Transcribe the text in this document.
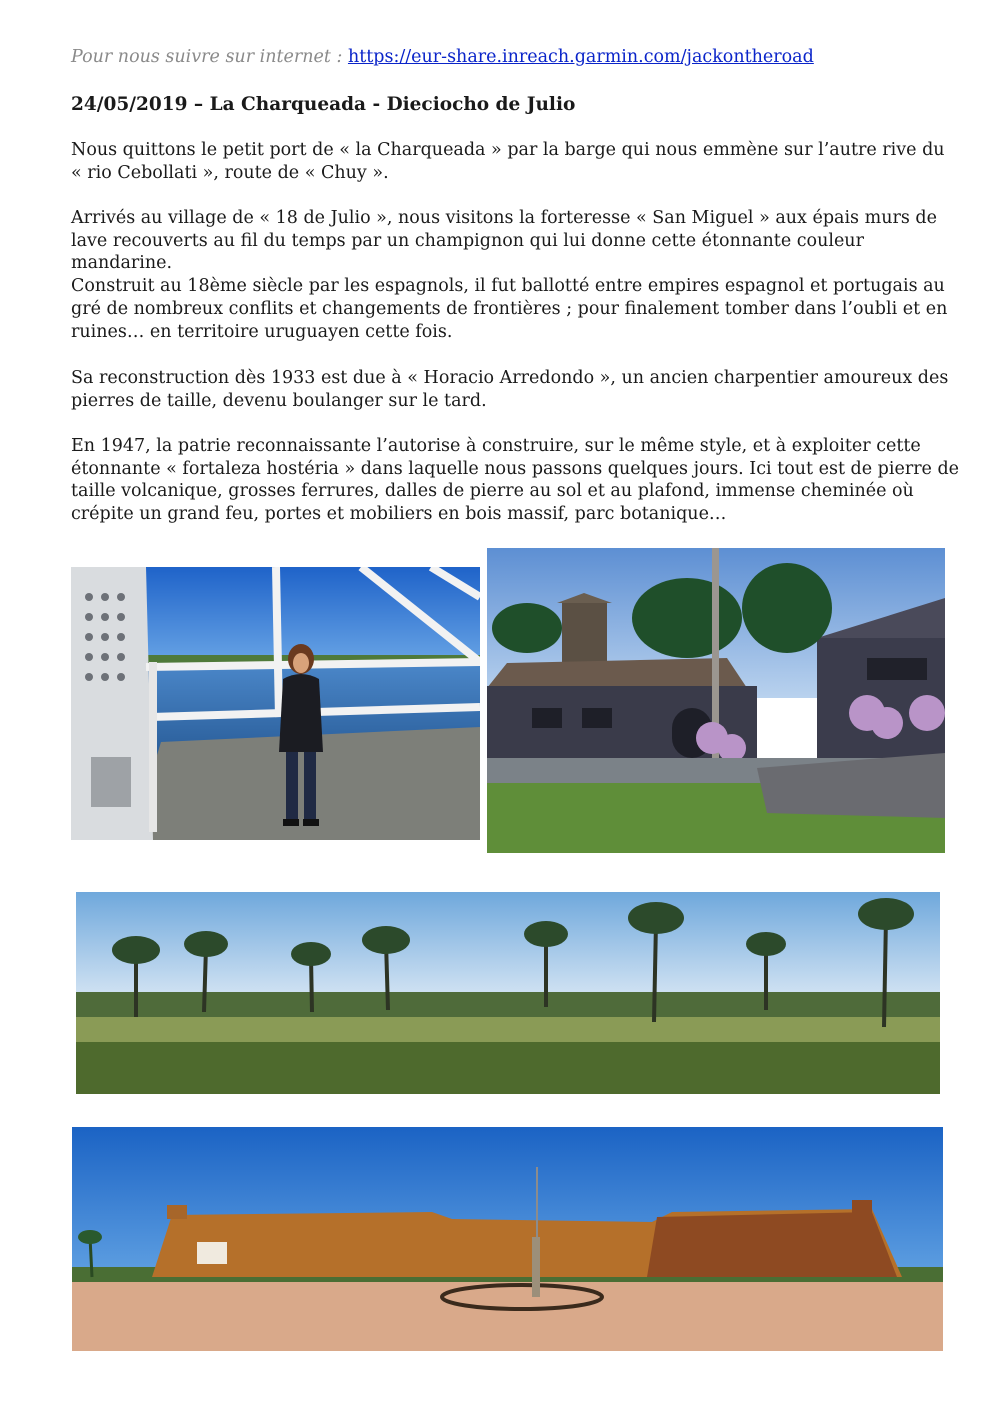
Pour nous suivre sur internet : https://eur-share.inreach.garmin.com/jackontheroad
24/05/2019 – La Charqueada - Dieciocho de Julio

Nous quittons le petit port de « la Charqueada » par la barge qui nous emmène sur l’autre rive du
« rio Cebollati », route de « Chuy ».

Arrivés au village de « 18 de Julio », nous visitons la forteresse « San Miguel » aux épais murs de
lave recouverts au fil du temps par un champignon qui lui donne cette étonnante couleur
mandarine.
Construit au 18ème siècle par les espagnols, il fut ballotté entre empires espagnol et portugais au
gré de nombreux conflits et changements de frontières ; pour finalement tomber dans l’oubli et en
ruines… en territoire uruguayen cette fois.

Sa reconstruction dès 1933 est due à « Horacio Arredondo », un ancien charpentier amoureux des
pierres de taille, devenu boulanger sur le tard.

En 1947, la patrie reconnaissante l’autorise à construire, sur le même style, et à exploiter cette
étonnante « fortaleza hostéria » dans laquelle nous passons quelques jours. Ici tout est de pierre de
taille volcanique, grosses ferrures, dalles de pierre au sol et au plafond, immense cheminée où
crépite un grand feu, portes et mobiliers en bois massif, parc botanique…
